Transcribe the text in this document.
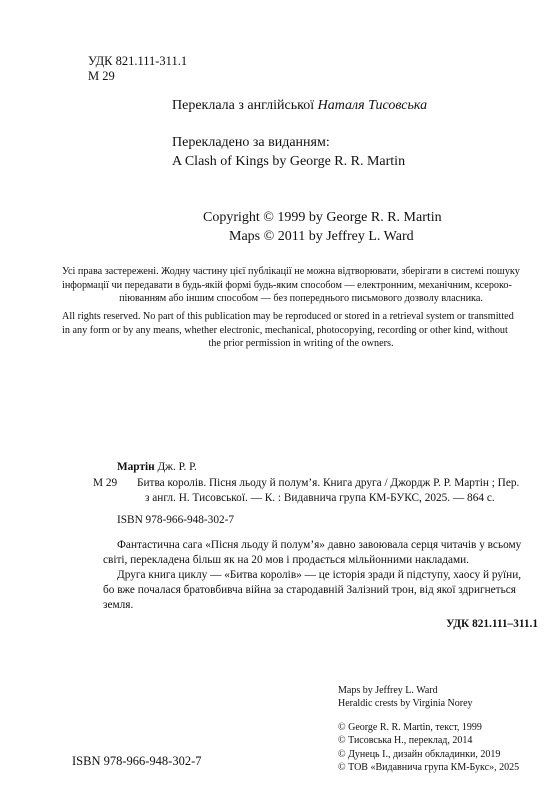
УДК 821.111-311.1
М 29
Переклала з англійської Наталя Тисовська
Перекладено за виданням:
A Clash of Kings by George R. R. Martin
Copyright © 1999 by George R. R. Martin
Maps © 2011 by Jeffrey L. Ward
Усі права застережені. Жодну частину цієї публікації не можна відтворювати, зберігати в системі пошуку
інформації чи передавати в будь-якій формі будь-яким способом — електронним, механічним, ксероко-
піюванням або іншим способом — без попереднього письмового дозволу власника.
All rights reserved. No part of this publication may be reproduced or stored in a retrieval system or transmitted
in any form or by any means, whether electronic, mechanical, photocopying, recording or other kind, without
the prior permission in writing of the owners.
Мартін Дж. Р. Р.
М 29 Битва королів. Пісня льоду й полум’я. Книга друга / Джордж Р. Р. Мартін ; Пер.
з англ. Н. Тисовської. — К. : Видавнича група КМ-БУКС, 2025. — 864 с.
ISBN 978-966-948-302-7
Фантастична сага «Пісня льоду й полум’я» давно завоювала серця читачів у всьому
світі, перекладена більш як на 20 мов і продається мільйонними накладами.
Друга книга циклу — «Битва королів» — це історія зради й підступу, хаосу й руїни,
бо вже почалася братовбивча війна за стародавній Залізний трон, від якої здригнеться
земля.
УДК 821.111–311.1
Maps by Jeffrey L. Ward
Heraldic crests by Virginia Norey
© George R. R. Martin, текст, 1999
© Тисовська Н., переклад, 2014
© Дунець І., дизайн обкладинки, 2019
© ТОВ «Видавнича група КМ-Букс», 2025
ISBN 978-966-948-302-7
